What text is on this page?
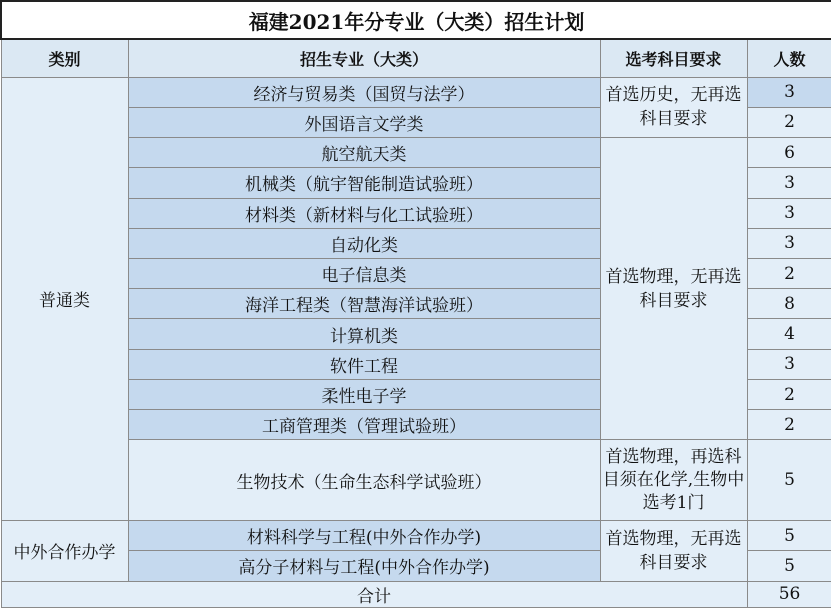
福建2021年分专业（大类）招生计划			
类别	招生专业（大类）	选考科目要求	人数
普通类	经济与贸易类（国贸与法学）	首选历史，无再选科目要求	3
	外国语言文学类		2
	航空航天类	首选物理，无再选科目要求	6
	机械类（航宇智能制造试验班）		3
	材料类（新材料与化工试验班）		3
	自动化类		3
	电子信息类		2
	海洋工程类（智慧海洋试验班）		8
	计算机类		4
	软件工程		3
	柔性电子学		2
	工商管理类（管理试验班）		2
	生物技术（生命生态科学试验班）	首选物理，再选科目须在化学,生物中选考1门	5
中外合作办学	材料科学与工程(中外合作办学)	首选物理，无再选科目要求	5
	高分子材料与工程(中外合作办学)		5
合计			56
